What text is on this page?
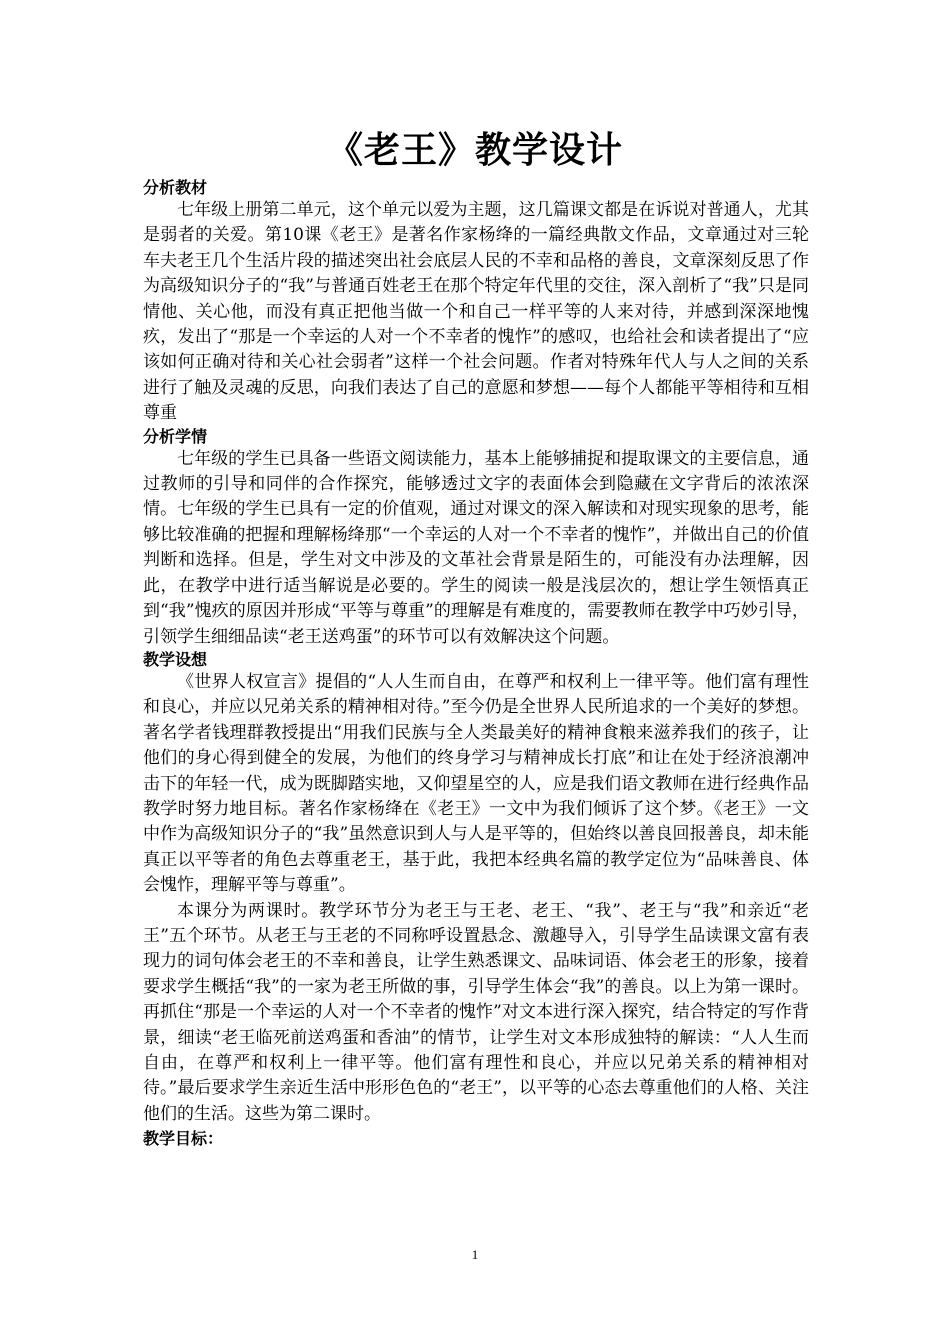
《老王》教学设计
分析教材

七年级上册第二单元，这个单元以爱为主题，这几篇课文都是在诉说对普通人，尤其是弱者的关爱。第10课《老王》是著名作家杨绛的一篇经典散文作品，文章通过对三轮车夫老王几个生活片段的描述突出社会底层人民的不幸和品格的善良，文章深刻反思了作为高级知识分子的“我”与普通百姓老王在那个特定年代里的交往，深入剖析了“我”只是同情他、关心他，而没有真正把他当做一个和自己一样平等的人来对待，并感到深深地愧疚，发出了“那是一个幸运的人对一个不幸者的愧怍”的感叹，也给社会和读者提出了“应该如何正确对待和关心社会弱者”这样一个社会问题。作者对特殊年代人与人之间的关系进行了触及灵魂的反思，向我们表达了自己的意愿和梦想——每个人都能平等相待和互相尊重

分析学情

七年级的学生已具备一些语文阅读能力，基本上能够捕捉和提取课文的主要信息，通过教师的引导和同伴的合作探究，能够透过文字的表面体会到隐藏在文字背后的浓浓深情。七年级的学生已具有一定的价值观，通过对课文的深入解读和对现实现象的思考，能够比较准确的把握和理解杨绛那“一个幸运的人对一个不幸者的愧怍”，并做出自己的价值判断和选择。但是，学生对文中涉及的文革社会背景是陌生的，可能没有办法理解，因此，在教学中进行适当解说是必要的。学生的阅读一般是浅层次的，想让学生领悟真正到“我”愧疚的原因并形成“平等与尊重”的理解是有难度的，需要教师在教学中巧妙引导，引领学生细细品读“老王送鸡蛋”的环节可以有效解决这个问题。

教学设想

《世界人权宣言》提倡的“人人生而自由，在尊严和权利上一律平等。他们富有理性和良心，并应以兄弟关系的精神相对待。”至今仍是全世界人民所追求的一个美好的梦想。著名学者钱理群教授提出“用我们民族与全人类最美好的精神食粮来滋养我们的孩子，让他们的身心得到健全的发展，为他们的终身学习与精神成长打底”和让在处于经济浪潮冲击下的年轻一代，成为既脚踏实地，又仰望星空的人，应是我们语文教师在进行经典作品教学时努力地目标。著名作家杨绛在《老王》一文中为我们倾诉了这个梦。《老王》一文中作为高级知识分子的“我”虽然意识到人与人是平等的，但始终以善良回报善良，却未能真正以平等者的角色去尊重老王，基于此，我把本经典名篇的教学定位为“品味善良、体会愧怍，理解平等与尊重”。

本课分为两课时。教学环节分为老王与王老、老王、“我”、老王与“我”和亲近“老王”五个环节。从老王与王老的不同称呼设置悬念、激趣导入，引导学生品读课文富有表现力的词句体会老王的不幸和善良，让学生熟悉课文、品味词语、体会老王的形象，接着要求学生概括“我”的一家为老王所做的事，引导学生体会“我”的善良。以上为第一课时。再抓住“那是一个幸运的人对一个不幸者的愧怍”对文本进行深入探究，结合特定的写作背景，细读“老王临死前送鸡蛋和香油”的情节，让学生对文本形成独特的解读：“人人生而自由，在尊严和权利上一律平等。他们富有理性和良心，并应以兄弟关系的精神相对待。”最后要求学生亲近生活中形形色色的“老王”，以平等的心态去尊重他们的人格、关注他们的生活。这些为第二课时。

教学目标：
1
